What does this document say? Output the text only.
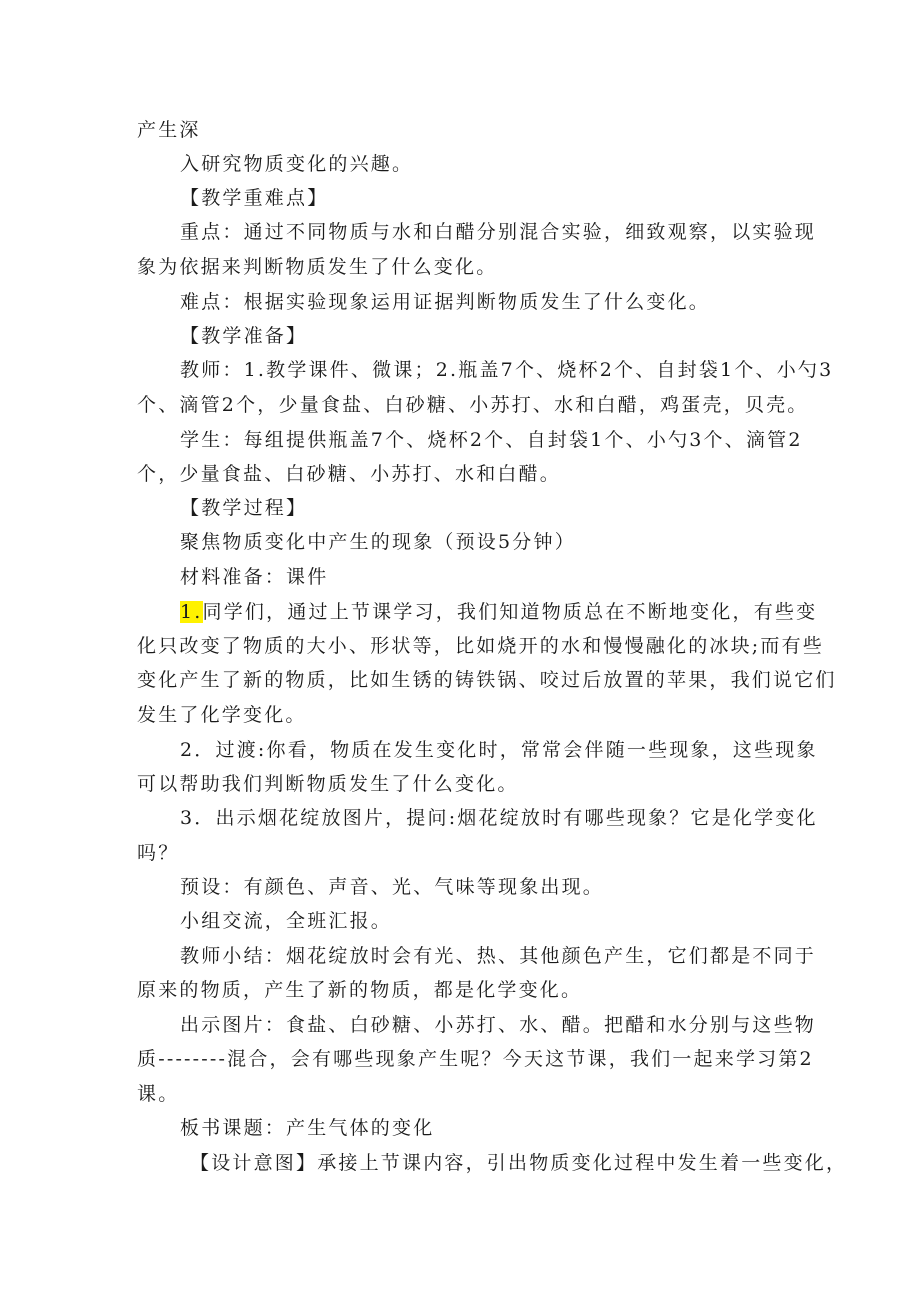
产生深
入研究物质变化的兴趣。
【教学重难点】
重点：通过不同物质与水和白醋分别混合实验，细致观察，以实验现
象为依据来判断物质发生了什么变化。
难点：根据实验现象运用证据判断物质发生了什么变化。
【教学准备】
教师：1.教学课件、微课；2.瓶盖7个、烧杯2个、自封袋1个、小勺3
个、滴管2个，少量食盐、白砂糖、小苏打、水和白醋，鸡蛋壳，贝壳。
学生：每组提供瓶盖7个、烧杯2个、自封袋1个、小勺3个、滴管2
个，少量食盐、白砂糖、小苏打、水和白醋。
【教学过程】
聚焦物质变化中产生的现象（预设5分钟）
材料准备：课件
1.同学们，通过上节课学习，我们知道物质总在不断地变化，有些变
化只改变了物质的大小、形状等，比如烧开的水和慢慢融化的冰块;而有些
变化产生了新的物质，比如生锈的铸铁锅、咬过后放置的苹果，我们说它们
发生了化学变化。
2．过渡:你看，物质在发生变化时，常常会伴随一些现象，这些现象
可以帮助我们判断物质发生了什么变化。
3．出示烟花绽放图片，提问:烟花绽放时有哪些现象？它是化学变化
吗？
预设：有颜色、声音、光、气味等现象出现。
小组交流，全班汇报。
教师小结：烟花绽放时会有光、热、其他颜色产生，它们都是不同于
原来的物质，产生了新的物质，都是化学变化。
出示图片：食盐、白砂糖、小苏打、水、醋。把醋和水分别与这些物
质--------混合，会有哪些现象产生呢？今天这节课，我们一起来学习第2
课。
板书课题：产生气体的变化
【设计意图】承接上节课内容，引出物质变化过程中发生着一些变化，
